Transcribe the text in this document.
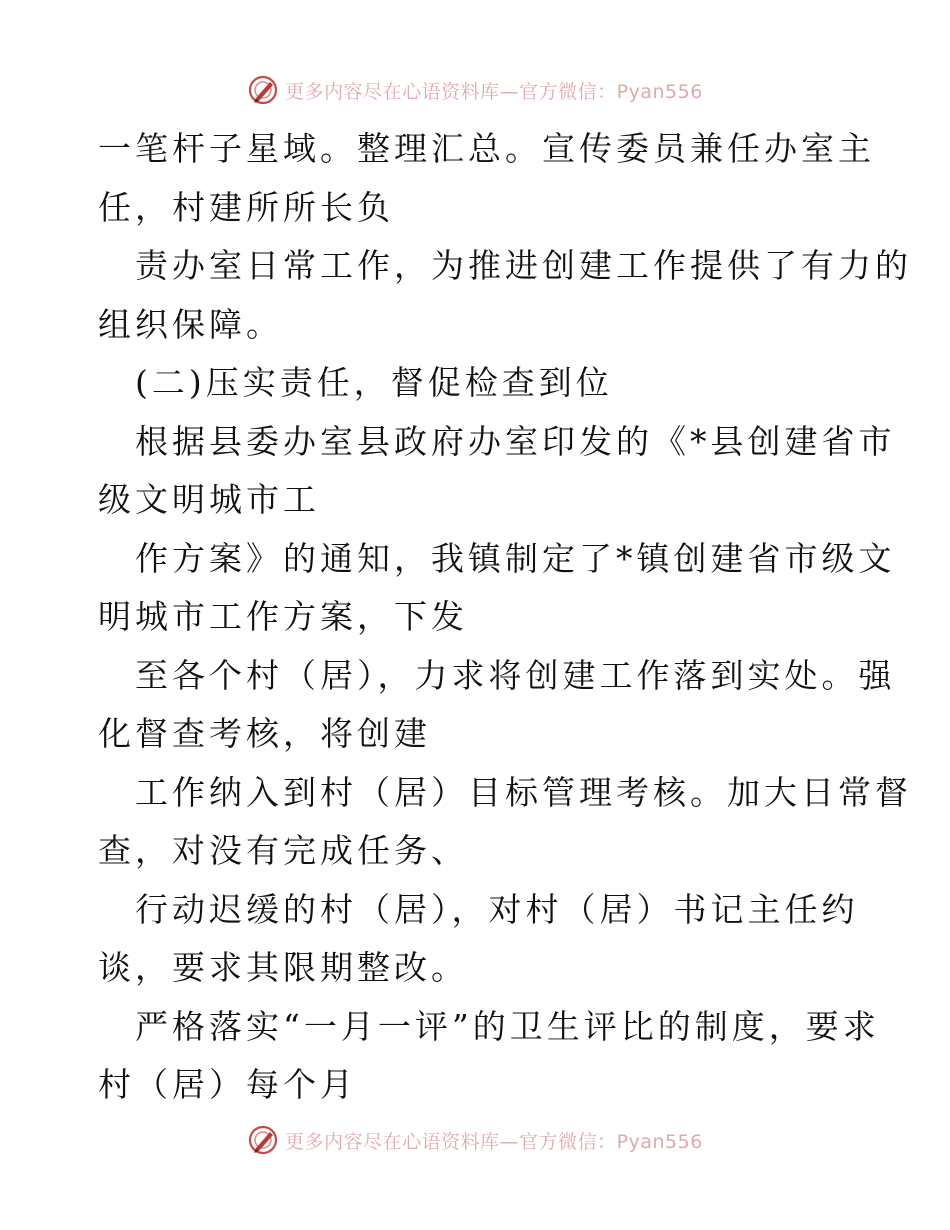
更多内容尽在心语资料库—官方微信：Pyan556
一笔杆子星域。整理汇总。宣传委员兼任办室主
任，村建所所长负
责办室日常工作，为推进创建工作提供了有力的
组织保障。
(二)压实责任，督促检查到位
根据县委办室县政府办室印发的《*县创建省市
级文明城市工
作方案》的通知，我镇制定了*镇创建省市级文
明城市工作方案，下发
至各个村（居），力求将创建工作落到实处。强
化督查考核，将创建
工作纳入到村（居）目标管理考核。加大日常督
查，对没有完成任务、
行动迟缓的村（居），对村（居）书记主任约
谈，要求其限期整改。
严格落实“一月一评”的卫生评比的制度，要求
村（居）每个月
更多内容尽在心语资料库—官方微信：Pyan556
